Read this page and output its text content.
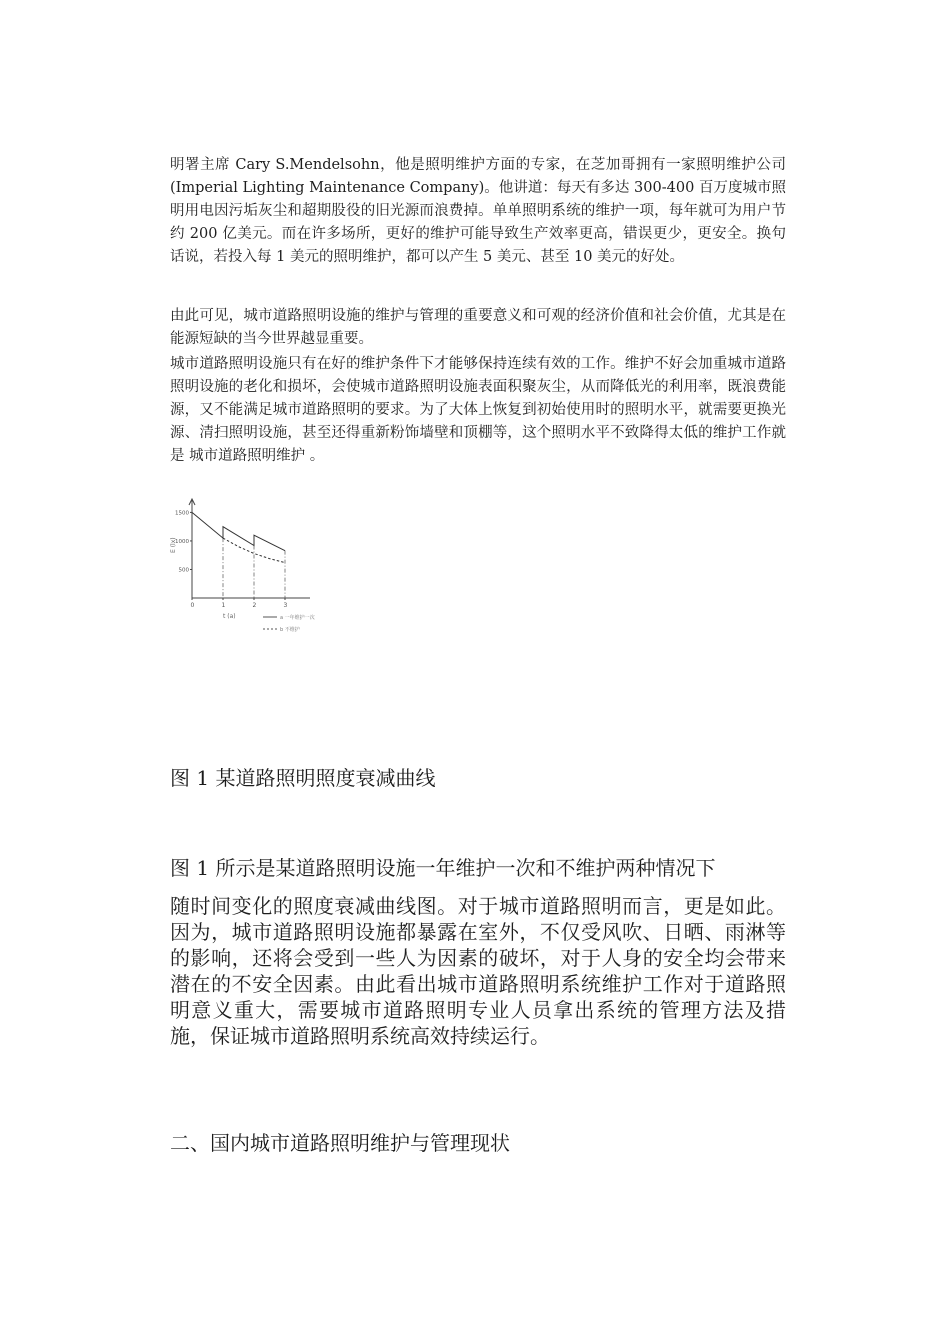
明署主席 Cary S.Mendelsohn，他是照明维护方面的专家，在芝加哥拥有一家照明维护公司(Imperial Lighting Maintenance Company)。他讲道：每天有多达 300-400 百万度城市照明用电因污垢灰尘和超期股役的旧光源而浪费掉。单单照明系统的维护一项，每年就可为用户节约 200 亿美元。而在许多场所，更好的维护可能导致生产效率更高，错误更少，更安全。换句话说，若投入每 1 美元的照明维护，都可以产生 5 美元、甚至 10 美元的好处。

由此可见，城市道路照明设施的维护与管理的重要意义和可观的经济价值和社会价值，尤其是在能源短缺的当今世界越显重要。

城市道路照明设施只有在好的维护条件下才能够保持连续有效的工作。维护不好会加重城市道路照明设施的老化和损坏，会使城市道路照明设施表面积聚灰尘，从而降低光的利用率，既浪费能源，又不能满足城市道路照明的要求。为了大体上恢复到初始使用时的照明水平，就需要更换光源、清扫照明设施，甚至还得重新粉饰墙壁和顶棚等，这个照明水平不致降得太低的维护工作就是 城市道路照明维护 。

0	1	2	3
500
1000
1500
E (lx)
t (a)	a 一年维护一次
b 不维护

图 1 某道路照明照度衰减曲线

图 1 所示是某道路照明设施一年维护一次和不维护两种情况下

随时间变化的照度衰减曲线图。对于城市道路照明而言，更是如此。因为，城市道路照明设施都暴露在室外，不仅受风吹、日晒、雨淋等的影响，还将会受到一些人为因素的破坏，对于人身的安全均会带来潜在的不安全因素。由此看出城市道路照明系统维护工作对于道路照明意义重大，需要城市道路照明专业人员拿出系统的管理方法及措施，保证城市道路照明系统高效持续运行。

二、国内城市道路照明维护与管理现状
